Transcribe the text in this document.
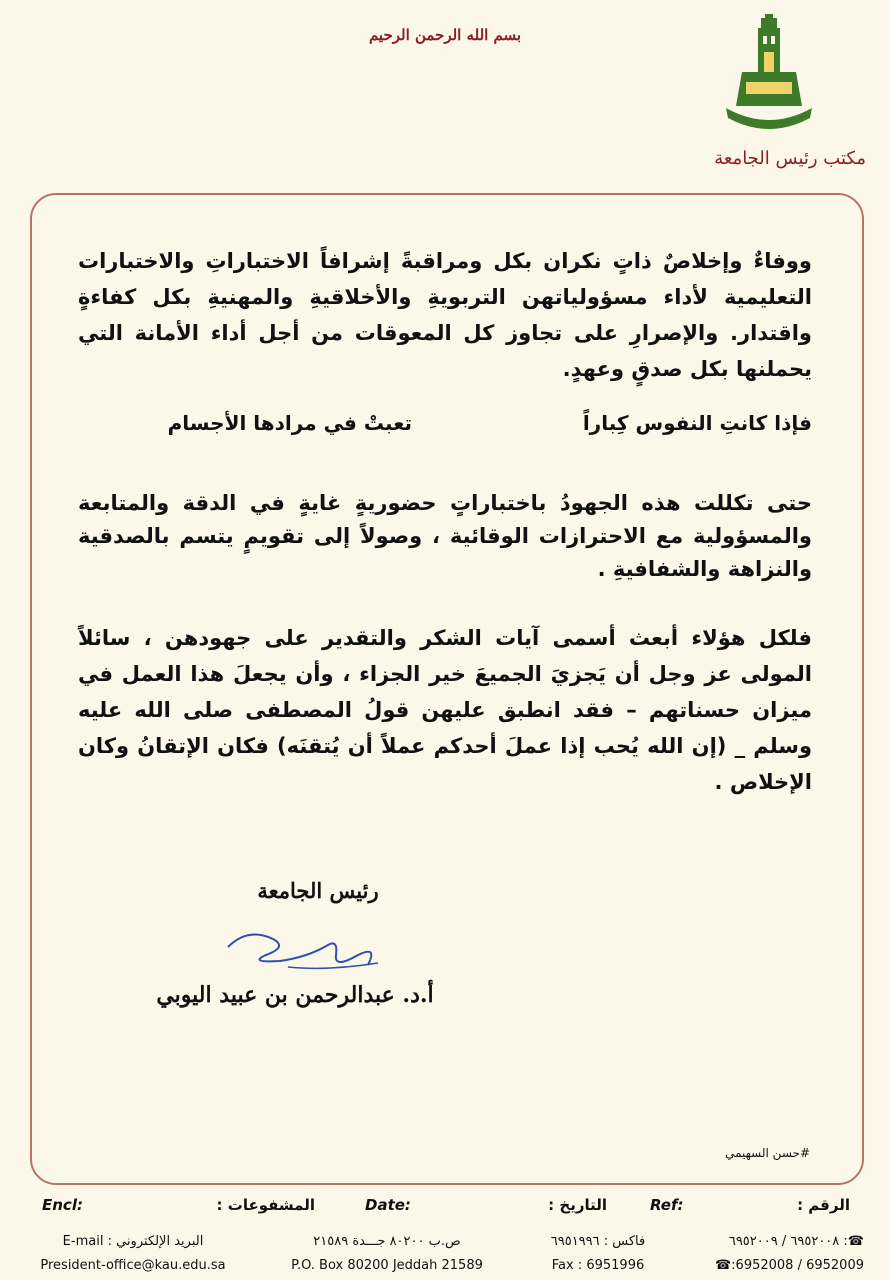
بسم الله الرحمن الرحيم
مكتب رئيس الجامعة

ووفاءٌ وإخلاصٌ ذاتٍ نكران بكل ومراقبةً إشرافاً الاختباراتِ والاختبارات التعليمية لأداء مسؤولياتهن التربويةِ والأخلاقيةِ والمهنيةِ بكل كفاءةٍ واقتدار. والإصرارِ على تجاوز كل المعوقات من أجل أداء الأمانة التي يحملنها بكل صدقٍ وعهدٍ.

فإذا كانتِ النفوس كِباراً
تعبتْ في مرادها الأجسام

حتى تكللت هذه الجهودُ باختباراتٍ حضوريةٍ غايةٍ في الدقة والمتابعة والمسؤولية مع الاحترازات الوقائية ، وصولاً إلى تقويمٍ يتسم بالصدقية والنزاهة والشفافيةِ .

فلكل هؤلاء أبعث أسمى آيات الشكر والتقدير على جهودهن ، سائلاً المولى عز وجل أن يَجزيَ الجميعَ خير الجزاء ، وأن يجعلَ هذا العمل في ميزان حسناتهم – فقد انطبق عليهن قولُ المصطفى صلى الله عليه وسلم _ (إن الله يُحب إذا عملَ أحدكم عملاً أن يُتقنَه) فكان الإتقانُ وكان الإخلاص .

رئيس الجامعة
أ.د. عبدالرحمن بن عبيد اليوبي
#حسن السهيمي
الرقم :
Ref:
التاريخ :
Date:
المشفوعات :
Encl:
☎: ٦٩٥٢٠٠٨ / ٦٩٥٢٠٠٩
☎:6952008 / 6952009
فاكس : ٦٩٥١٩٩٦
Fax : 6951996
ص.ب ٨٠٢٠٠ جـــدة ٢١٥٨٩
P.O. Box 80200 Jeddah 21589
البريد الإلكتروني : E-mail
President-office@kau.edu.sa
